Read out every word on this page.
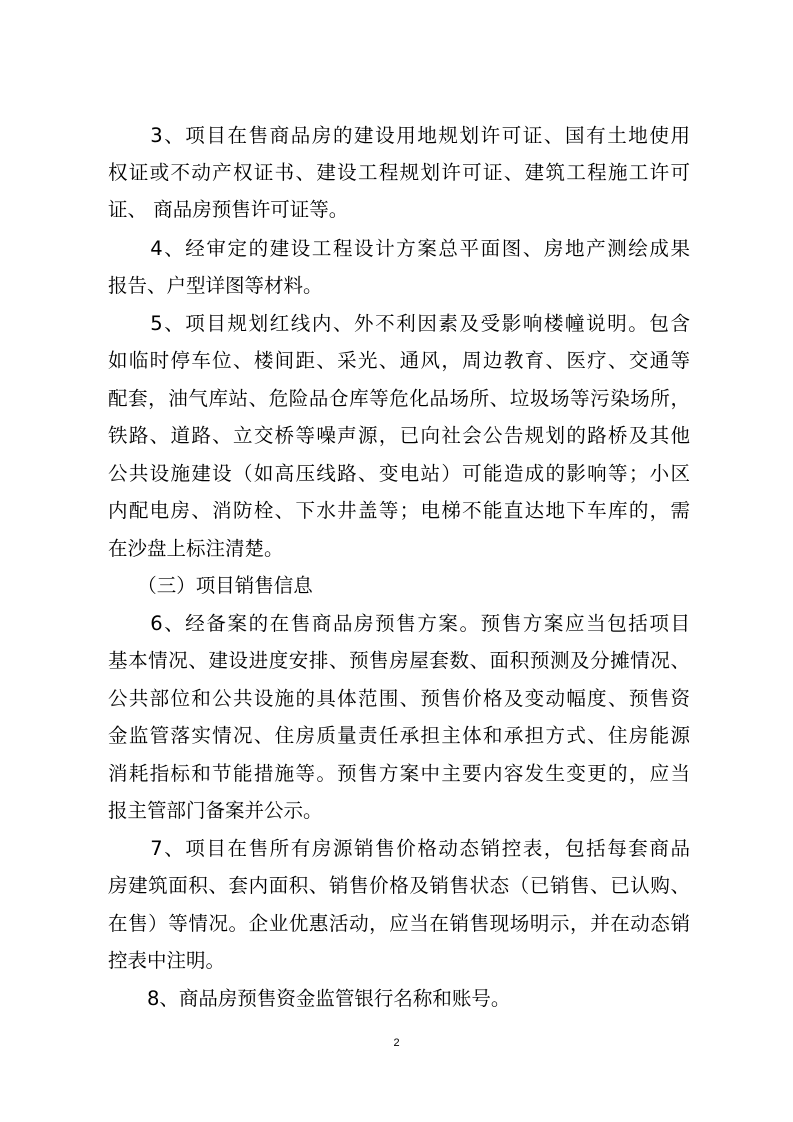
　　3、项目在售商品房的建设用地规划许可证、国有土地使用
权证或不动产权证书、建设工程规划许可证、建筑工程施工许可
证、 商品房预售许可证等。
　　4、经审定的建设工程设计方案总平面图、房地产测绘成果
报告、户型详图等材料。
　　5、项目规划红线内、外不利因素及受影响楼幢说明。包含
如临时停车位、楼间距、采光、通风，周边教育、医疗、交通等
配套，油气库站、危险品仓库等危化品场所、垃圾场等污染场所，
铁路、道路、立交桥等噪声源，已向社会公告规划的路桥及其他
公共设施建设（如高压线路、变电站）可能造成的影响等；小区
内配电房、消防栓、下水井盖等；电梯不能直达地下车库的，需
在沙盘上标注清楚。
　　（三）项目销售信息
　　6、经备案的在售商品房预售方案。预售方案应当包括项目
基本情况、建设进度安排、预售房屋套数、面积预测及分摊情况、
公共部位和公共设施的具体范围、预售价格及变动幅度、预售资
金监管落实情况、住房质量责任承担主体和承担方式、住房能源
消耗指标和节能措施等。预售方案中主要内容发生变更的，应当
报主管部门备案并公示。
　　7、项目在售所有房源销售价格动态销控表，包括每套商品
房建筑面积、套内面积、销售价格及销售状态（已销售、已认购、
在售）等情况。企业优惠活动，应当在销售现场明示，并在动态销
控表中注明。
　　8、商品房预售资金监管银行名称和账号。
2
